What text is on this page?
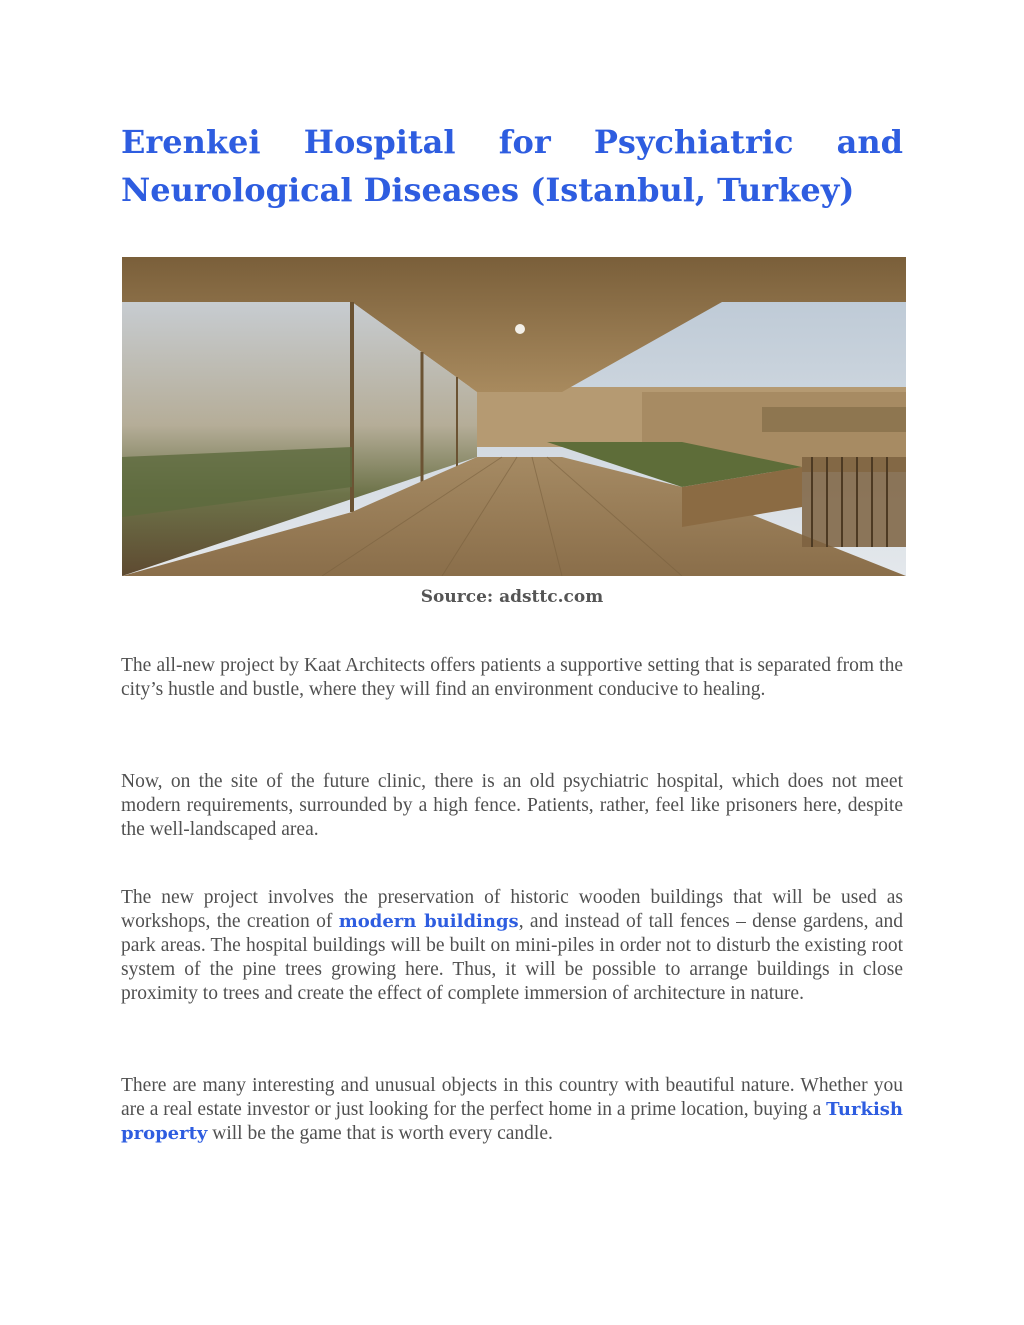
Erenkei Hospital for Psychiatric and Neurological Diseases (Istanbul, Turkey)
Source: adsttc.com

The all-new project by Kaat Architects offers patients a supportive setting that is separated from the city’s hustle and bustle, where they will find an environment conducive to healing.

Now, on the site of the future clinic, there is an old psychiatric hospital, which does not meet modern requirements, surrounded by a high fence. Patients, rather, feel like prisoners here, despite the well-landscaped area.

The new project involves the preservation of historic wooden buildings that will be used as workshops, the creation of modern buildings, and instead of tall fences – dense gardens, and park areas. The hospital buildings will be built on mini-piles in order not to disturb the existing root system of the pine trees growing here. Thus, it will be possible to arrange buildings in close proximity to trees and create the effect of complete immersion of architecture in nature.

There are many interesting and unusual objects in this country with beautiful nature. Whether you are a real estate investor or just looking for the perfect home in a prime location, buying a Turkish property will be the game that is worth every candle.
